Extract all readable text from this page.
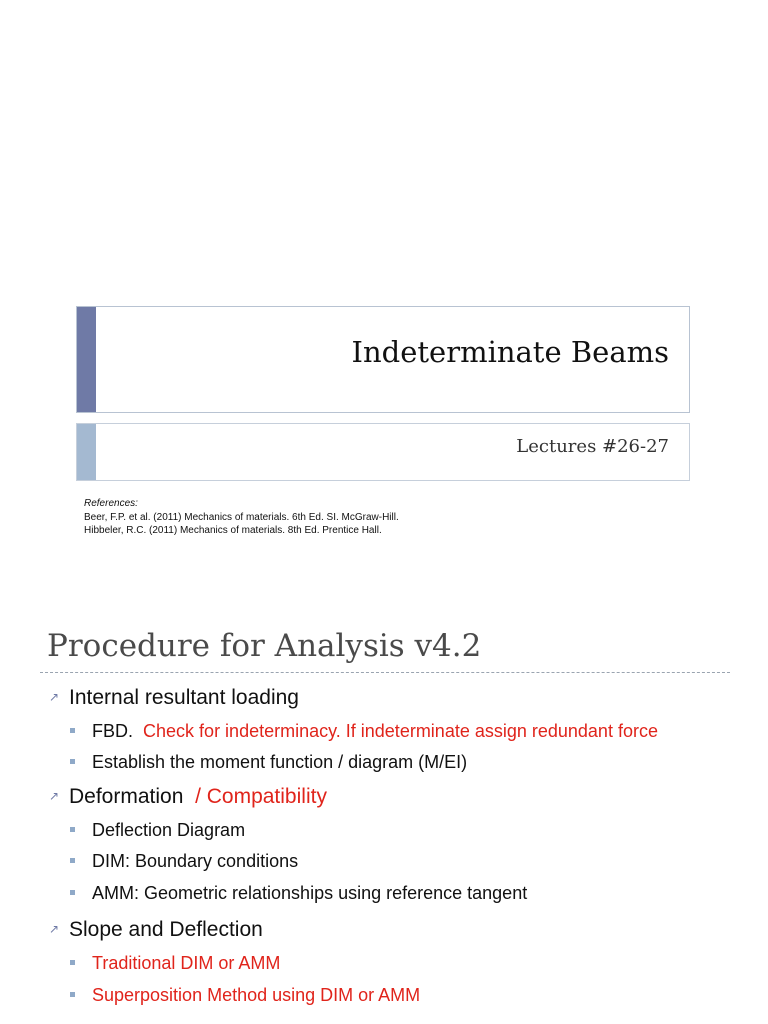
Indeterminate Beams
Lectures #26-27
References:
Beer, F.P. et al. (2011) Mechanics of materials. 6th Ed. SI. McGraw-Hill.
Hibbeler, R.C. (2011) Mechanics of materials. 8th Ed. Prentice Hall.
Procedure for Analysis v4.2
↗ Internal resultant loading
FBD. Check for indeterminacy. If indeterminate assign redundant force
Establish the moment function / diagram (M/EI)
↗ Deformation / Compatibility
Deflection Diagram
DIM: Boundary conditions
AMM: Geometric relationships using reference tangent
↗ Slope and Deflection
Traditional DIM or AMM
Superposition Method using DIM or AMM
